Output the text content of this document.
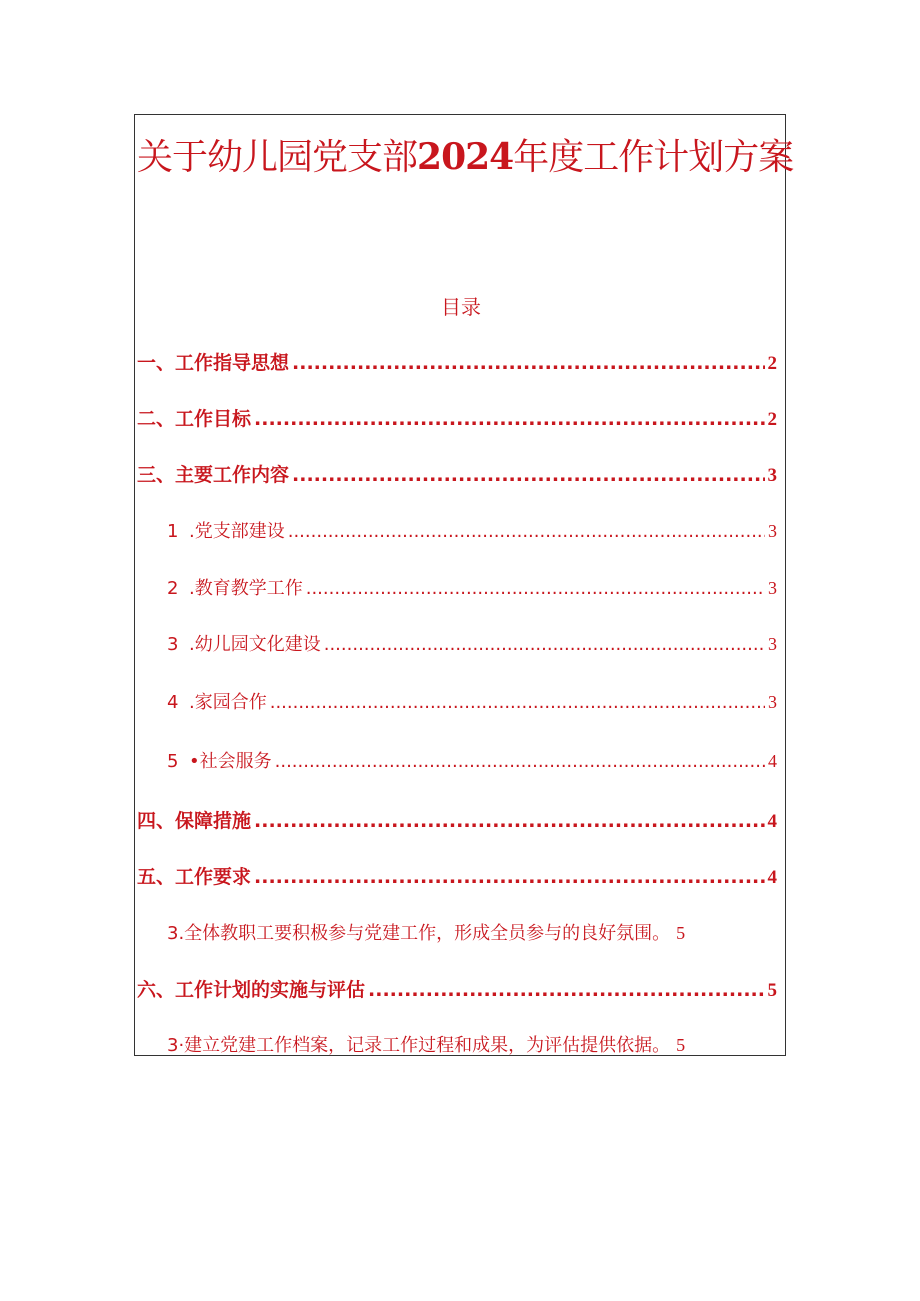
关于幼儿园党支部2024年度工作计划方案
目录
一、工作指导思想 .....	2
二、工作目标 .....	2
三、主要工作内容 .....	3
1 .党支部建设 .....	3
2 .教育教学工作 .....	3
3 .幼儿园文化建设 .....	3
4 .家园合作 .....	3
5 •社会服务 .....	4
四、保障措施 .....	4
五、工作要求 .....	4
3.全体教职工要积极参与党建工作，形成全员参与的良好氛围。 5
六、工作计划的实施与评估 .....	5
3·建立党建工作档案，记录工作过程和成果，为评估提供依据。 5
